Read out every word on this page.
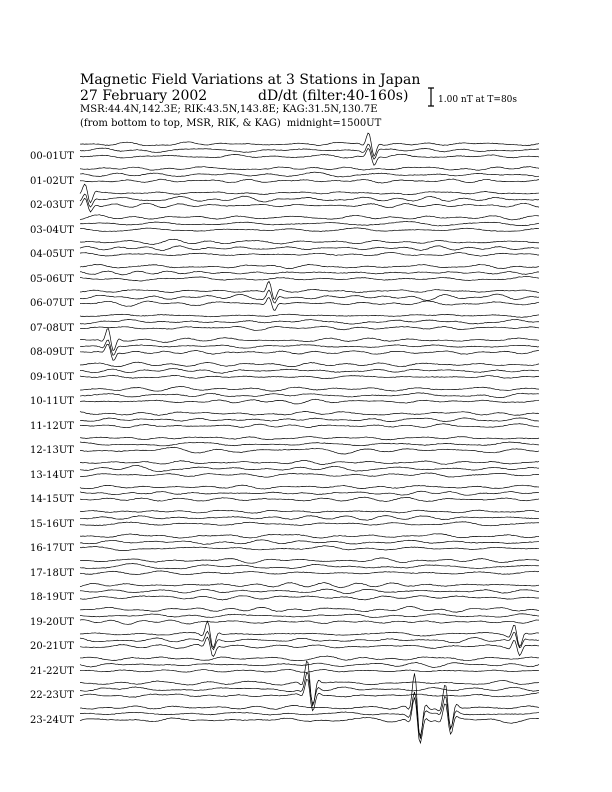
Magnetic Field Variations at 3 Stations in Japan
27 February 2002	dD/dt (filter:40-160s)
MSR:44.4N,142.3E; RIK:43.5N,143.8E; KAG:31.5N,130.7E
(from bottom to top, MSR, RIK, & KAG) midnight=1500UT
1.00 nT at T=80s
00-01UT
01-02UT
02-03UT
03-04UT
04-05UT
05-06UT
06-07UT
07-08UT
08-09UT
09-10UT
10-11UT
11-12UT
12-13UT
13-14UT
14-15UT
15-16UT
16-17UT
17-18UT
18-19UT
19-20UT
20-21UT
21-22UT
22-23UT
23-24UT
